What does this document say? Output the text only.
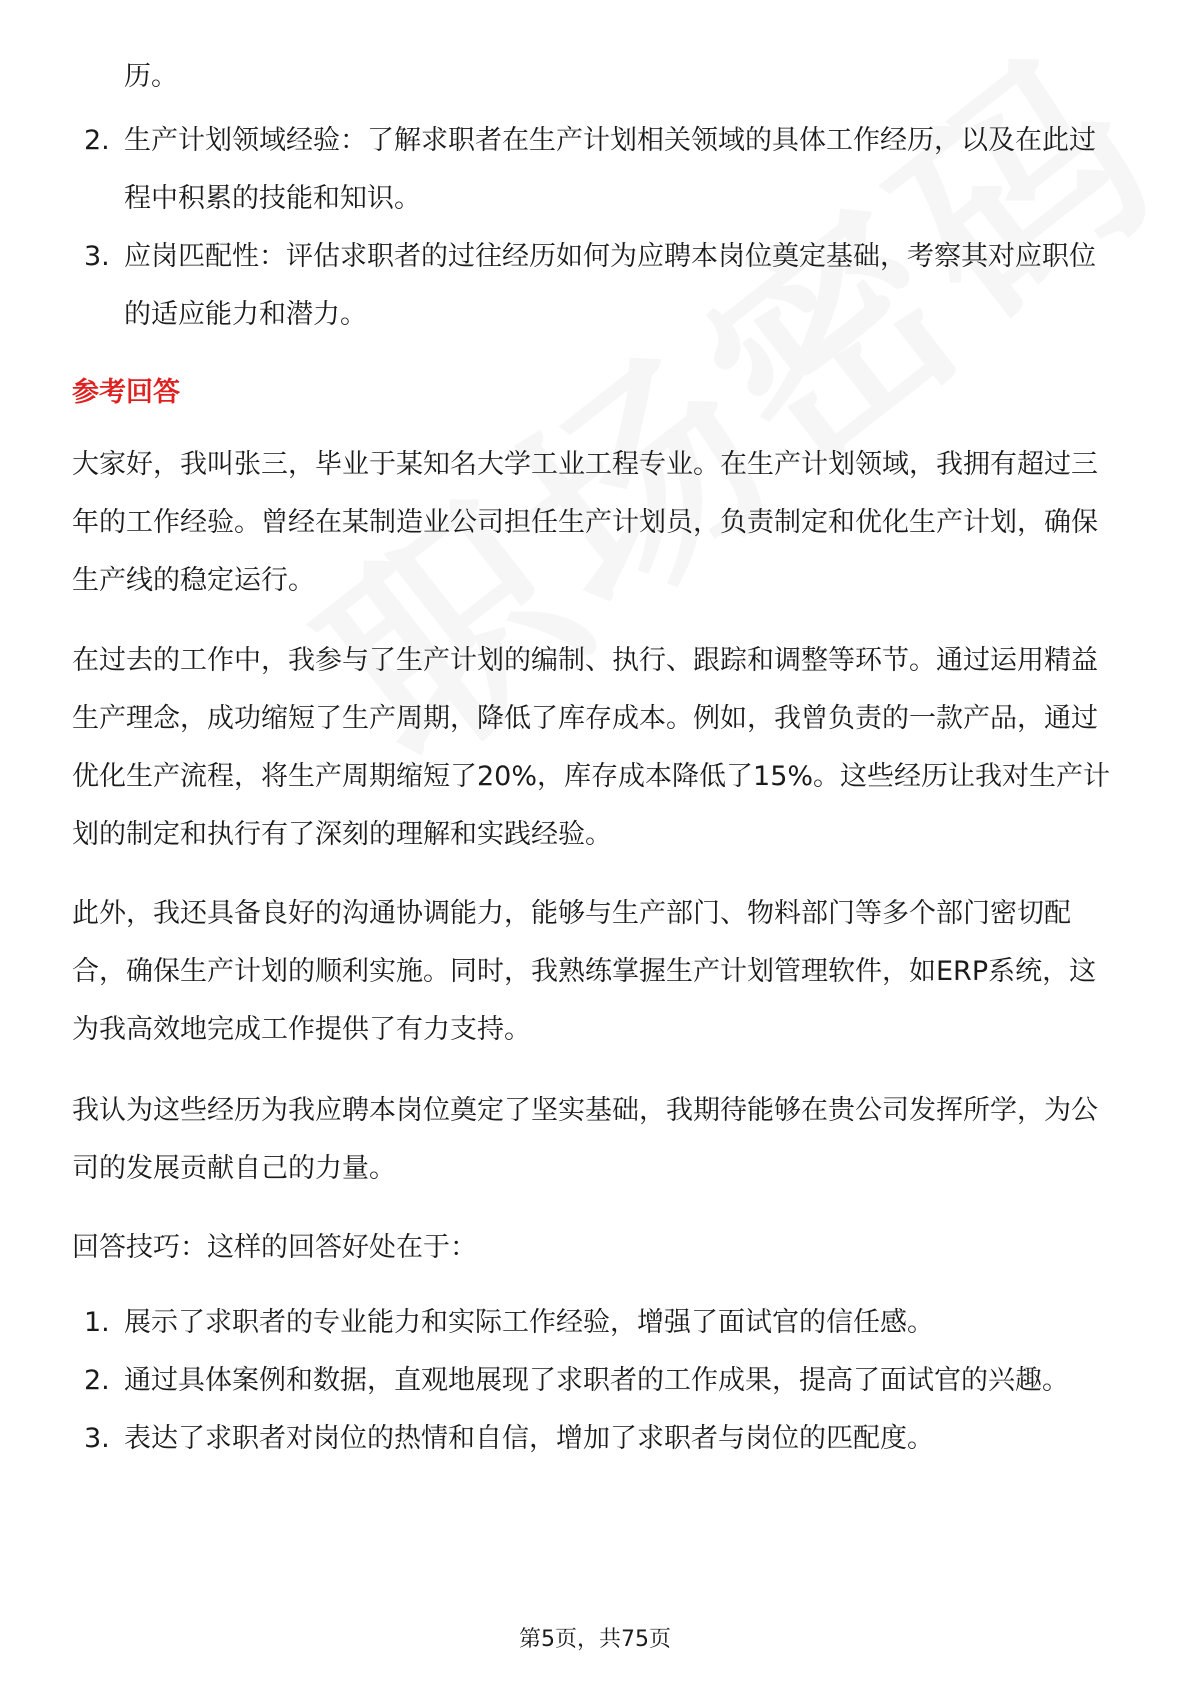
历。

2. 生产计划领域经验：了解求职者在生产计划相关领域的具体工作经历，以及在此过程中积累的技能和知识。
3. 应岗匹配性：评估求职者的过往经历如何为应聘本岗位奠定基础，考察其对应职位的适应能力和潜力。

参考回答

大家好，我叫张三，毕业于某知名大学工业工程专业。在生产计划领域，我拥有超过三年的工作经验。曾经在某制造业公司担任生产计划员，负责制定和优化生产计划，确保生产线的稳定运行。

在过去的工作中，我参与了生产计划的编制、执行、跟踪和调整等环节。通过运用精益生产理念，成功缩短了生产周期，降低了库存成本。例如，我曾负责的一款产品，通过优化生产流程，将生产周期缩短了20%，库存成本降低了15%。这些经历让我对生产计划的制定和执行有了深刻的理解和实践经验。

此外，我还具备良好的沟通协调能力，能够与生产部门、物料部门等多个部门密切配合，确保生产计划的顺利实施。同时，我熟练掌握生产计划管理软件，如ERP系统，这为我高效地完成工作提供了有力支持。

我认为这些经历为我应聘本岗位奠定了坚实基础，我期待能够在贵公司发挥所学，为公司的发展贡献自己的力量。

回答技巧：这样的回答好处在于：

1. 展示了求职者的专业能力和实际工作经验，增强了面试官的信任感。
2. 通过具体案例和数据，直观地展现了求职者的工作成果，提高了面试官的兴趣。
3. 表达了求职者对岗位的热情和自信，增加了求职者与岗位的匹配度。
第5页，共75页
